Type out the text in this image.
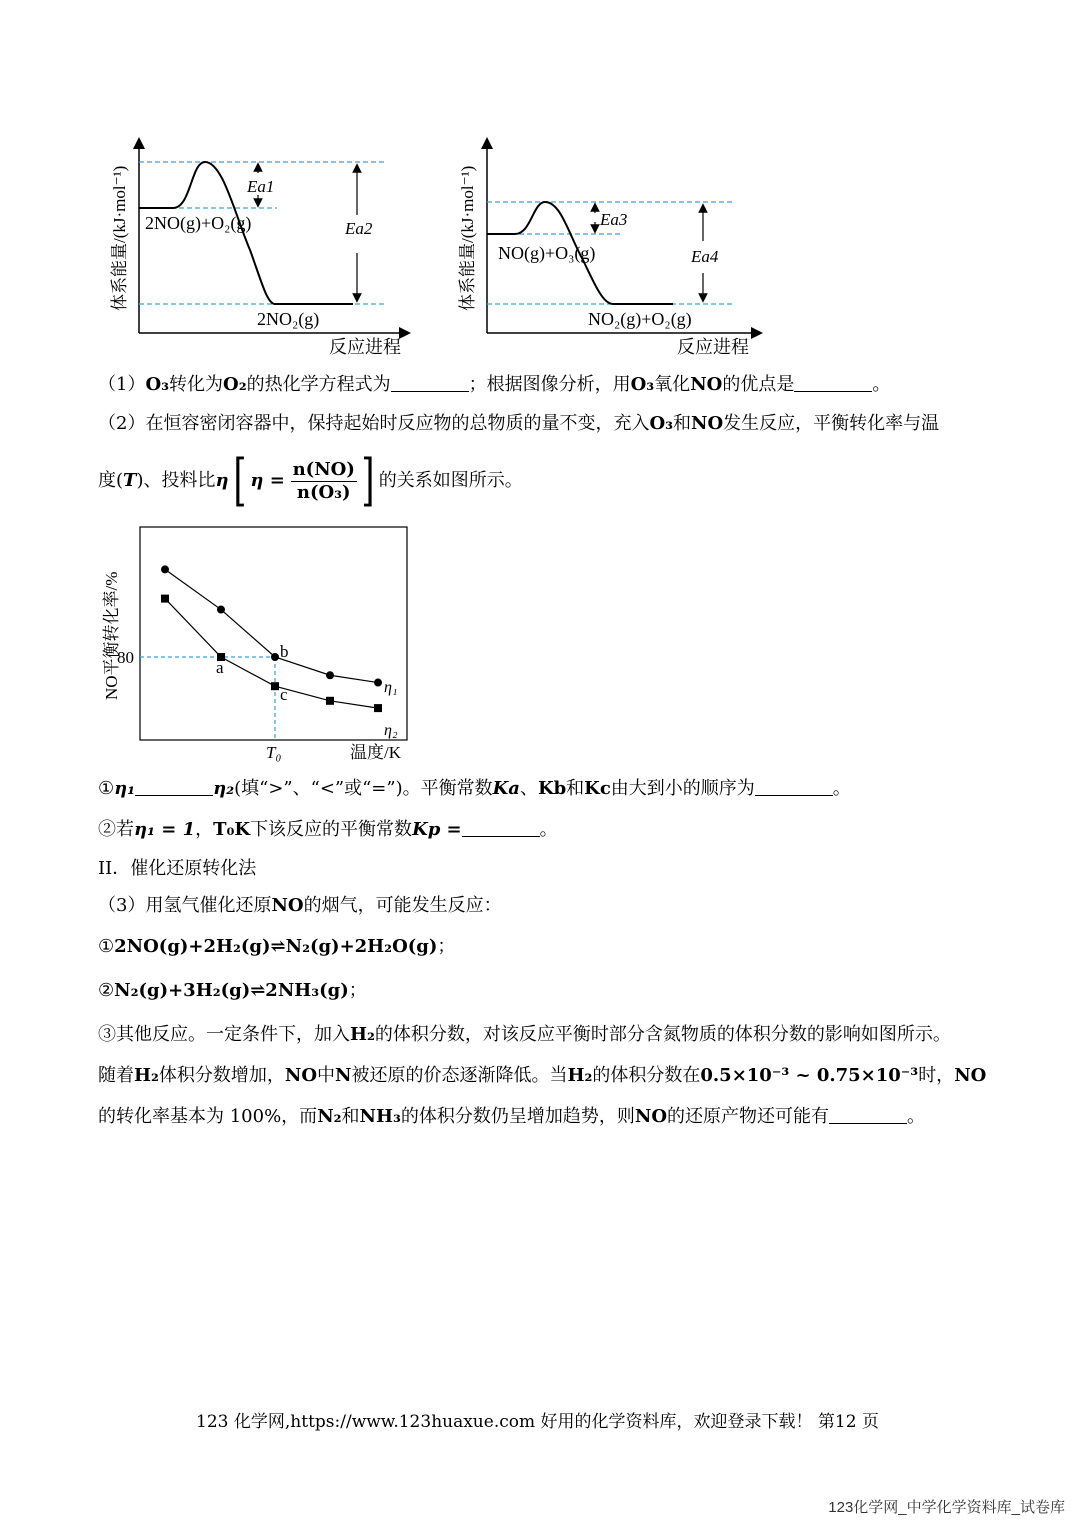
Ea1
Ea2
2NO(g)+O₂(g)
2NO₂(g)
反应进程
体系能量/(kJ·mol⁻¹)	Ea3
Ea4
NO(g)+O₃(g)
NO₂(g)+O₂(g)
反应进程
体系能量/(kJ·mol⁻¹)
（1）O₃转化为O₂的热化学方程式为	；根据图像分析，用O₃氧化NO的优点是	。
（2）在恒容密闭容器中，保持起始时反应物的总物质的量不变，充入O₃和NO发生反应，平衡转化率与温
度(T)、投料比η[ $\eta = \frac{n(NO)}{\text{n(O₃)}}$ ] 的关系如图所示。
80
T₀	温度/K
NO平衡转化率/%	a
b
c	η₁
η₂
①η₁	η₂(填“>”、“<”或“=”)。平衡常数Ka、Kb和Kc由大到小的顺序为	。
②若η₁ = 1，T₀K下该反应的平衡常数Kp =	。
II．催化还原转化法
（3）用氢气催化还原NO的烟气，可能发生反应：
①2NO(g)+2H₂(g)⇌N₂(g)+2H₂O(g)；
②N₂(g)+3H₂(g)⇌2NH₃(g)；
③其他反应。一定条件下，加入H₂的体积分数，对该反应平衡时部分含氮物质的体积分数的影响如图所示。
随着H₂体积分数增加，NO中N被还原的价态逐渐降低。当H₂的体积分数在0.5×10⁻³ ~ 0.75×10⁻³时，NO
的转化率基本为 100%，而N₂和NH₃的体积分数仍呈增加趋势，则NO的还原产物还可能有	。
123 化学网,https://www.123huaxue.com 好用的化学资料库，欢迎登录下载！ 第12 页
123化学网_中学化学资料库_试卷库
